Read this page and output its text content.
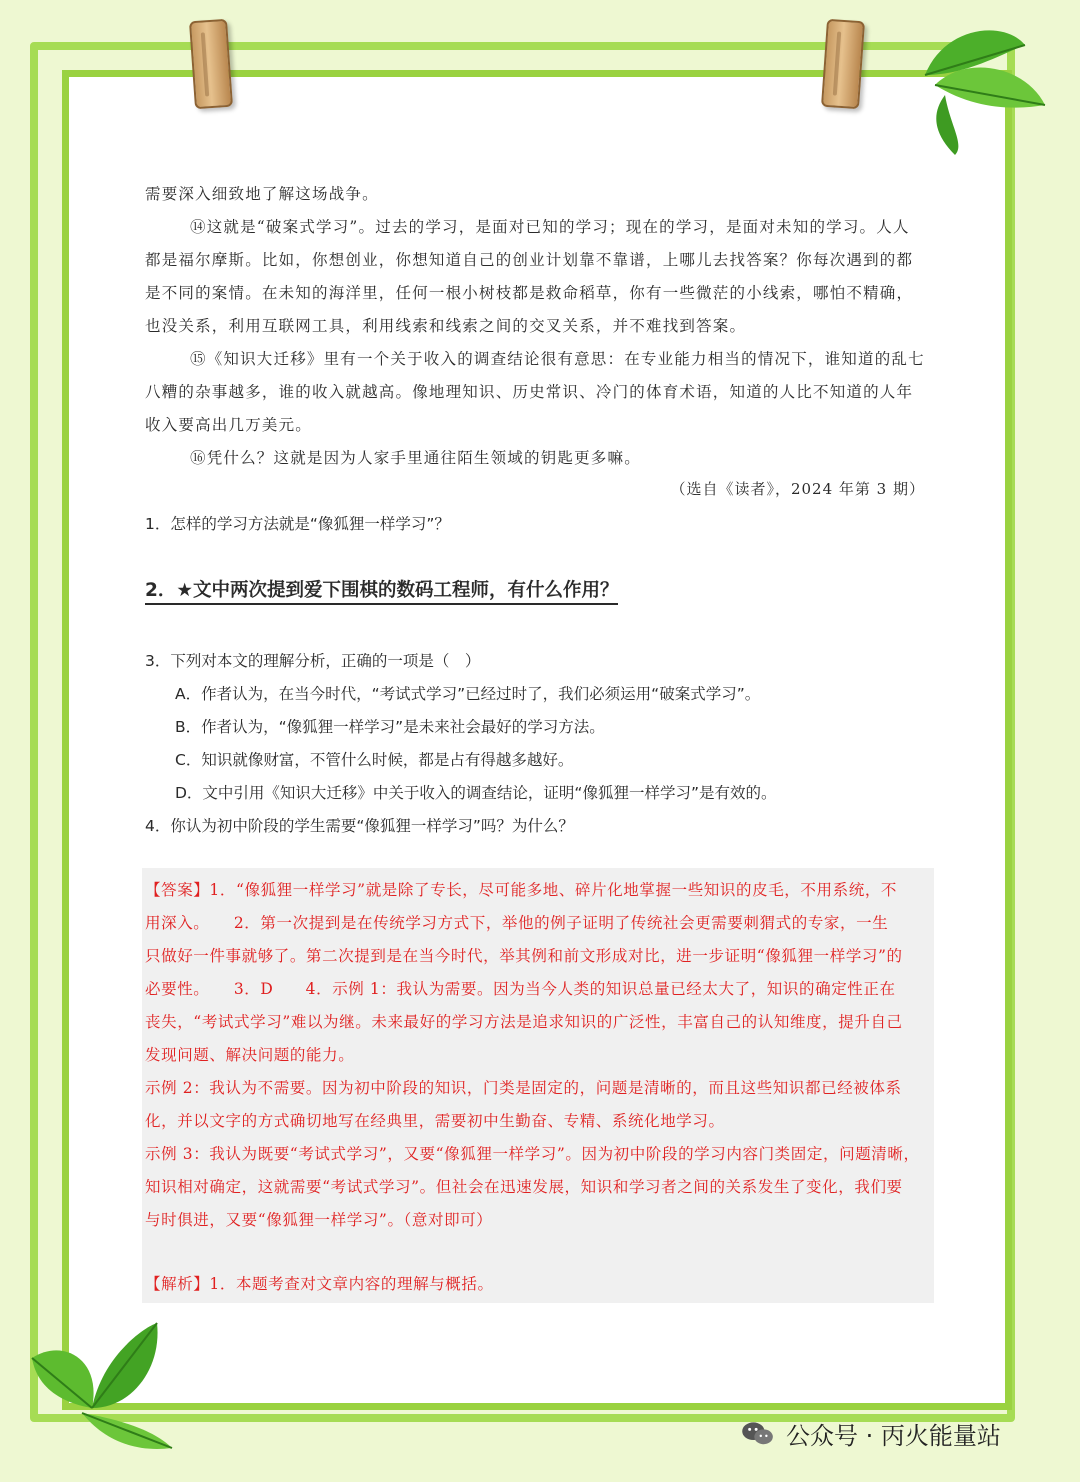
需要深入细致地了解这场战争。
⑭这就是“破案式学习”。过去的学习，是面对已知的学习；现在的学习，是面对未知的学习。人人
都是福尔摩斯。比如，你想创业，你想知道自己的创业计划靠不靠谱，上哪儿去找答案？你每次遇到的都
是不同的案情。在未知的海洋里，任何一根小树枝都是救命稻草，你有一些微茫的小线索，哪怕不精确，
也没关系，利用互联网工具，利用线索和线索之间的交叉关系，并不难找到答案。
⑮《知识大迁移》里有一个关于收入的调查结论很有意思：在专业能力相当的情况下，谁知道的乱七
八糟的杂事越多，谁的收入就越高。像地理知识、历史常识、冷门的体育术语，知道的人比不知道的人年
收入要高出几万美元。
⑯凭什么？这就是因为人家手里通往陌生领域的钥匙更多嘛。
（选自《读者》，2024 年第 3 期）
1．怎样的学习方法就是“像狐狸一样学习”？
2．★文中两次提到爱下围棋的数码工程师，有什么作用？
3．下列对本文的理解分析，正确的一项是（　）
A．作者认为，在当今时代，“考试式学习”已经过时了，我们必须运用“破案式学习”。
B．作者认为，“像狐狸一样学习”是未来社会最好的学习方法。
C．知识就像财富，不管什么时候，都是占有得越多越好。
D．文中引用《知识大迁移》中关于收入的调查结论，证明“像狐狸一样学习”是有效的。
4．你认为初中阶段的学生需要“像狐狸一样学习”吗？为什么？
【答案】1．“像狐狸一样学习”就是除了专长，尽可能多地、碎片化地掌握一些知识的皮毛，不用系统，不
用深入。　　2．第一次提到是在传统学习方式下，举他的例子证明了传统社会更需要刺猬式的专家，一生
只做好一件事就够了。第二次提到是在当今时代，举其例和前文形成对比，进一步证明“像狐狸一样学习”的
必要性。　　3．D　　4．示例 1：我认为需要。因为当今人类的知识总量已经太大了，知识的确定性正在
丧失，“考试式学习”难以为继。未来最好的学习方法是追求知识的广泛性，丰富自己的认知维度，提升自己
发现问题、解决问题的能力。
示例 2：我认为不需要。因为初中阶段的知识，门类是固定的，问题是清晰的，而且这些知识都已经被体系
化，并以文字的方式确切地写在经典里，需要初中生勤奋、专精、系统化地学习。
示例 3：我认为既要“考试式学习”，又要“像狐狸一样学习”。因为初中阶段的学习内容门类固定，问题清晰，
知识相对确定，这就需要“考试式学习”。但社会在迅速发展，知识和学习者之间的关系发生了变化，我们要
与时俱进，又要“像狐狸一样学习”。（意对即可）
【解析】1．本题考查对文章内容的理解与概括。
公众号 · 丙火能量站
